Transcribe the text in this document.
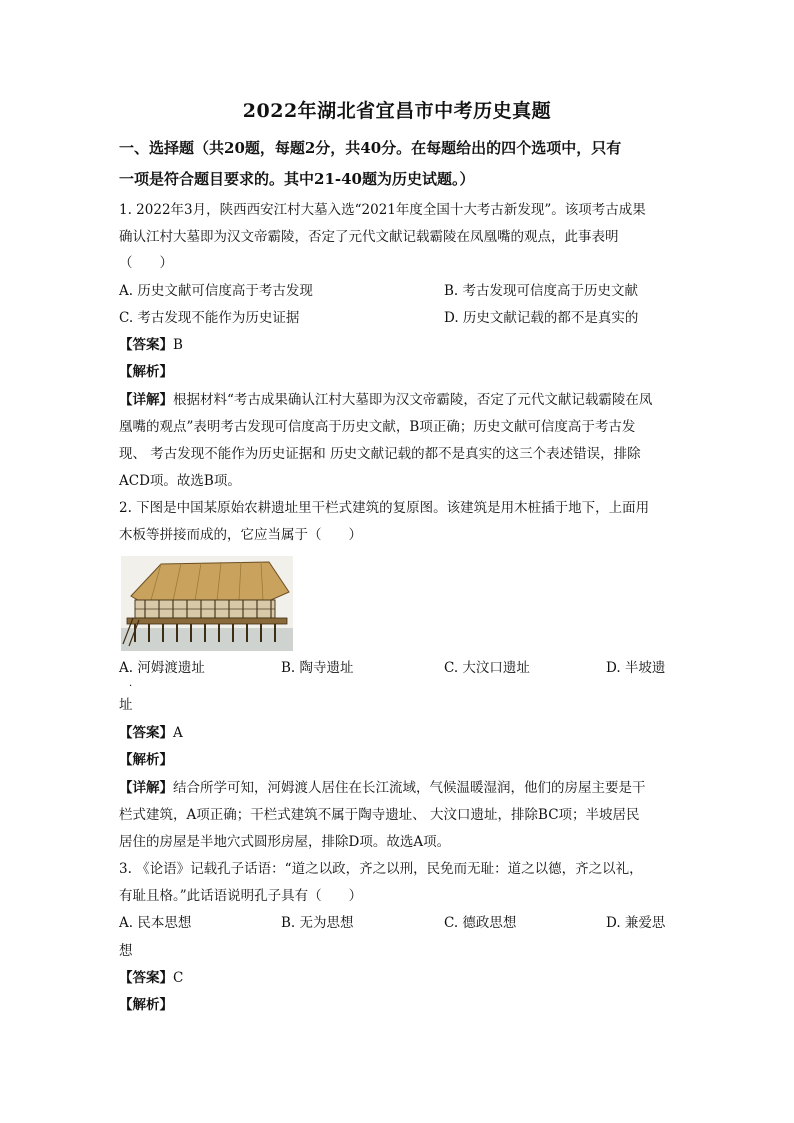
2022年湖北省宜昌市中考历史真题
一、选择题（共20题，每题2分，共40分。在每题给出的四个选项中，只有
一项是符合题目要求的。其中21-40题为历史试题。）
1. 2022年3月，陕西西安江村大墓入选“2021年度全国十大考古新发现”。该项考古成果
确认江村大墓即为汉文帝霸陵，否定了元代文献记载霸陵在凤凰嘴的观点，此事表明
（　　）
A. 历史文献可信度高于考古发现	B. 考古发现可信度高于历史文献
C. 考古发现不能作为历史证据	D. 历史文献记载的都不是真实的
【答案】B
【解析】
【详解】根据材料“考古成果确认江村大墓即为汉文帝霸陵，否定了元代文献记载霸陵在凤
凰嘴的观点”表明考古发现可信度高于历史文献，B项正确；历史文献可信度高于考古发
现、 考古发现不能作为历史证据和 历史文献记载的都不是真实的这三个表述错误，排除
ACD项。故选B项。
2. 下图是中国某原始农耕遗址里干栏式建筑的复原图。该建筑是用木桩插于地下，上面用
木板等拼接而成的，它应当属于（　　）
A. 河姆渡遗址	B. 陶寺遗址	C. 大汶口遗址	D. 半坡遗
·
址
【答案】A
【解析】
【详解】结合所学可知，河姆渡人居住在长江流域，气候温暖湿润，他们的房屋主要是干
栏式建筑，A项正确；干栏式建筑不属于陶寺遗址、 大汶口遗址，排除BC项；半坡居民
居住的房屋是半地穴式圆形房屋，排除D项。故选A项。
3. 《论语》记载孔子话语：“道之以政，齐之以刑，民免而无耻：道之以德，齐之以礼，
有耻且格。”此话语说明孔子具有（　　）
A. 民本思想	B. 无为思想	C. 德政思想	D. 兼爱思
想
【答案】C
【解析】
